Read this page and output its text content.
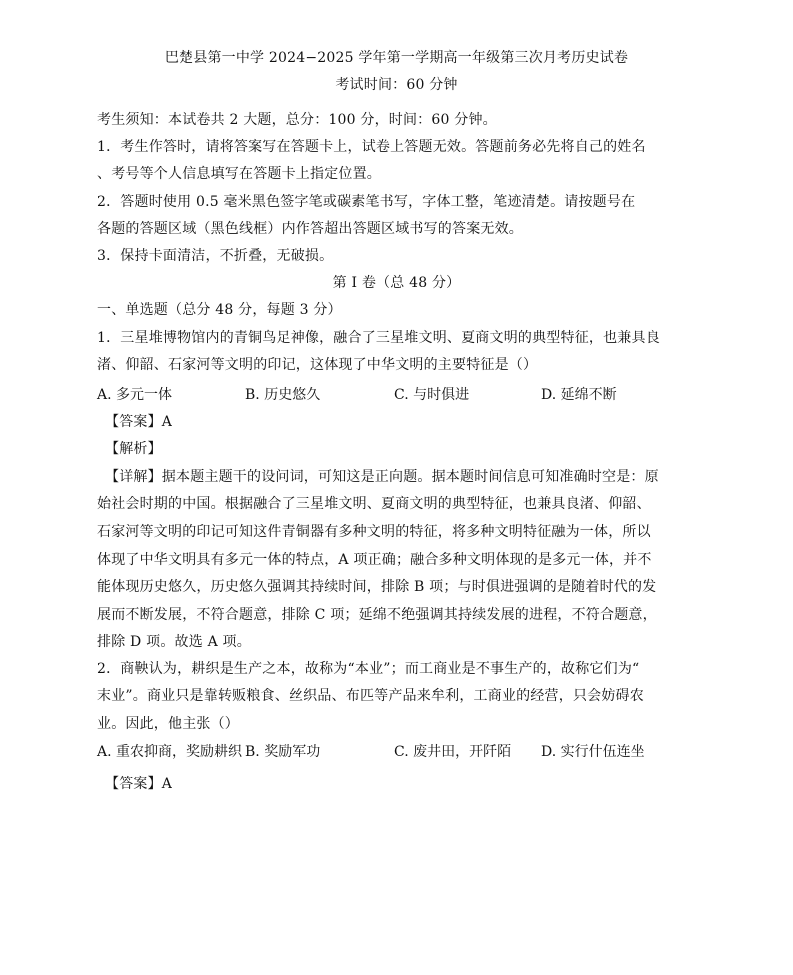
巴楚县第一中学 2024−2025 学年第一学期高一年级第三次月考历史试卷
考试时间：60 分钟
考生须知：本试卷共 2 大题，总分：100 分，时间：60 分钟。
1．考生作答时，请将答案写在答题卡上，试卷上答题无效。答题前务必先将自己的姓名
、考号等个人信息填写在答题卡上指定位置。
2．答题时使用 0.5 毫米黑色签字笔或碳素笔书写，字体工整，笔迹清楚。请按题号在
各题的答题区域（黑色线框）内作答超出答题区域书写的答案无效。
3．保持卡面清洁，不折叠，无破损。
第 I 卷（总 48 分）
一、单选题（总分 48 分，每题 3 分）
1．三星堆博物馆内的青铜鸟足神像，融合了三星堆文明、夏商文明的典型特征，也兼具良
渚、仰韶、石家河等文明的印记，这体现了中华文明的主要特征是（）
A. 多元一体	B. 历史悠久	C. 与时俱进	D. 延绵不断
【答案】A
【解析】
【详解】据本题主题干的设问词，可知这是正向题。据本题时间信息可知准确时空是：原
始社会时期的中国。根据融合了三星堆文明、夏商文明的典型特征，也兼具良渚、仰韶、
石家河等文明的印记可知这件青铜器有多种文明的特征，将多种文明特征融为一体，所以
体现了中华文明具有多元一体的特点，A 项正确；融合多种文明体现的是多元一体，并不
能体现历史悠久，历史悠久强调其持续时间，排除 B 项；与时俱进强调的是随着时代的发
展而不断发展，不符合题意，排除 C 项；延绵不绝强调其持续发展的进程，不符合题意，
排除 D 项。故选 A 项。
2．商鞅认为，耕织是生产之本，故称为“本业”；而工商业是不事生产的，故称它们为“
末业”。商业只是靠转贩粮食、丝织品、布匹等产品来牟利，工商业的经营，只会妨碍农
业。因此，他主张（）
A. 重农抑商，奖励耕织 B. 奖励军功	C. 废井田，开阡陌 D. 实行什伍连坐
【答案】A
